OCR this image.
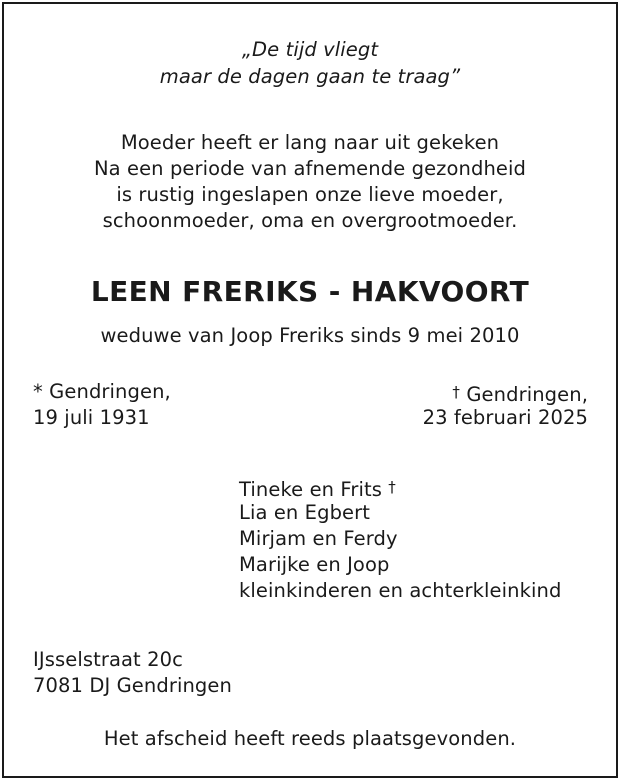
„De tijd vliegt
maar de dagen gaan te traag”
Moeder heeft er lang naar uit gekeken
Na een periode van afnemende gezondheid
is rustig ingeslapen onze lieve moeder,
schoonmoeder, oma en overgrootmoeder.
LEEN FRERIKS - HAKVOORT
weduwe van Joop Freriks sinds 9 mei 2010
* Gendringen,
19 juli 1931
† Gendringen,
23 februari 2025
Tineke en Frits †
Lia en Egbert
Mirjam en Ferdy
Marijke en Joop
kleinkinderen en achterkleinkind
IJsselstraat 20c
7081 DJ Gendringen
Het afscheid heeft reeds plaatsgevonden.
